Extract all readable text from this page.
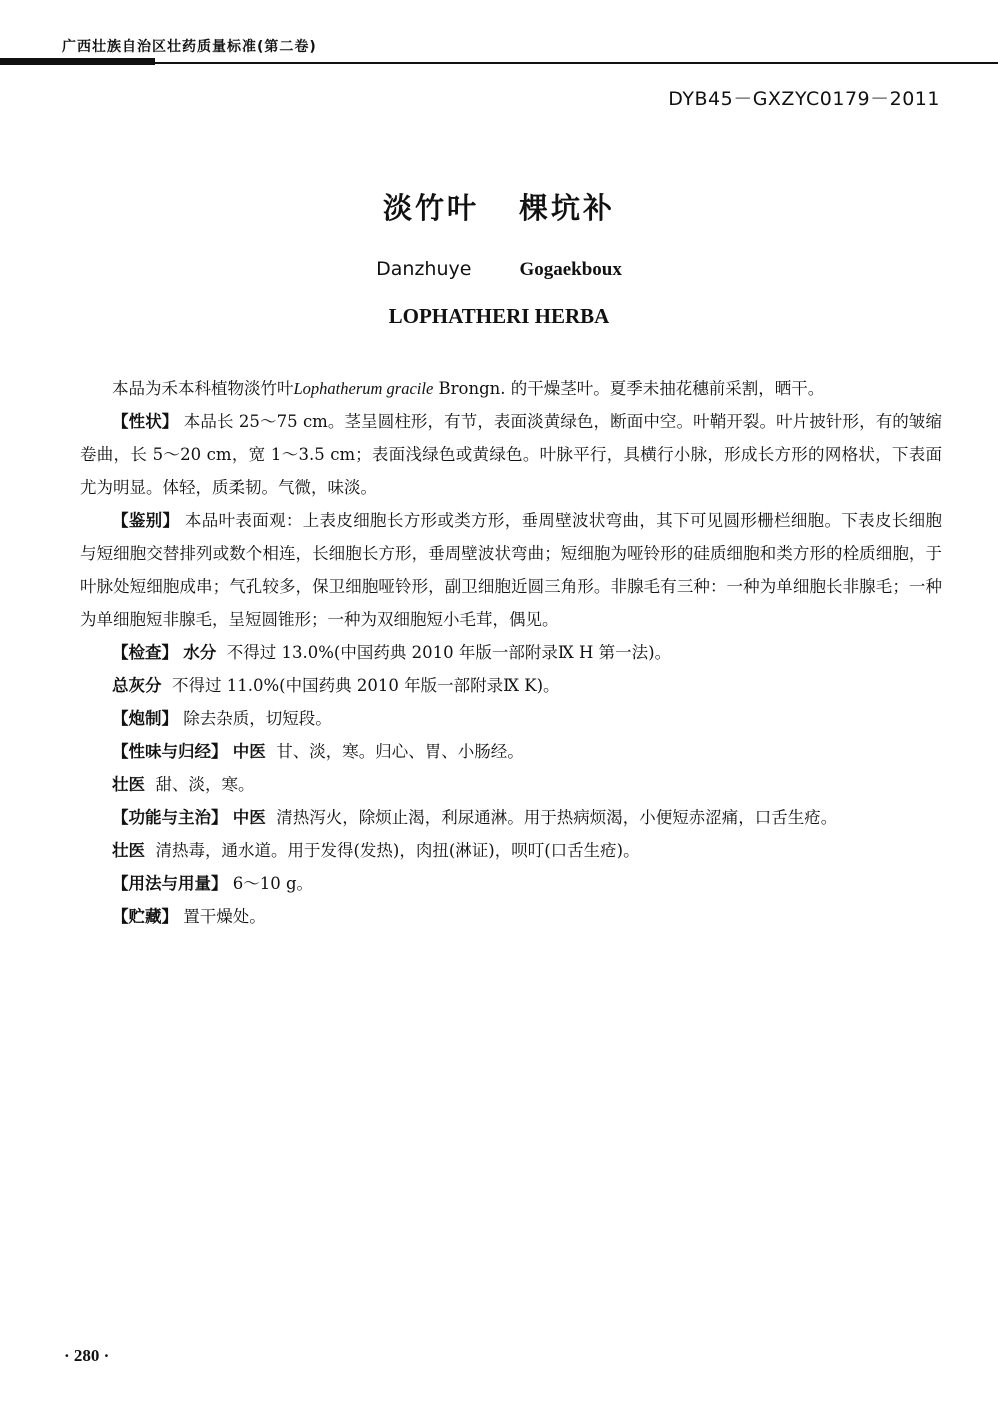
广西壮族自治区壮药质量标准(第二卷)
DYB45－GXZYC0179－2011
淡竹叶 棵坑补
Danzhuye	Gogaekboux
LOPHATHERI HERBA

本品为禾本科植物淡竹叶Lophatherum gracile Brongn. 的干燥茎叶。夏季未抽花穗前采割，晒干。

【性状】 本品长 25～75 cm。茎呈圆柱形，有节，表面淡黄绿色，断面中空。叶鞘开裂。叶片披针形，有的皱缩卷曲，长 5～20 cm，宽 1～3.5 cm；表面浅绿色或黄绿色。叶脉平行，具横行小脉，形成长方形的网格状，下表面尤为明显。体轻，质柔韧。气微，味淡。

【鉴别】 本品叶表面观：上表皮细胞长方形或类方形，垂周壁波状弯曲，其下可见圆形栅栏细胞。下表皮长细胞与短细胞交替排列或数个相连，长细胞长方形，垂周壁波状弯曲；短细胞为哑铃形的硅质细胞和类方形的栓质细胞，于叶脉处短细胞成串；气孔较多，保卫细胞哑铃形，副卫细胞近圆三角形。非腺毛有三种：一种为单细胞长非腺毛；一种为单细胞短非腺毛，呈短圆锥形；一种为双细胞短小毛茸，偶见。

【检查】 水分 不得过 13.0%(中国药典 2010 年版一部附录Ⅸ H 第一法)。

总灰分 不得过 11.0%(中国药典 2010 年版一部附录Ⅸ K)。

【炮制】 除去杂质，切短段。

【性味与归经】 中医 甘、淡，寒。归心、胃、小肠经。

壮医 甜、淡，寒。

【功能与主治】 中医 清热泻火，除烦止渴，利尿通淋。用于热病烦渴，小便短赤涩痛，口舌生疮。

壮医 清热毒，通水道。用于发得(发热)，肉扭(淋证)，呗叮(口舌生疮)。

【用法与用量】 6～10 g。

【贮藏】 置干燥处。

· 280 ·
